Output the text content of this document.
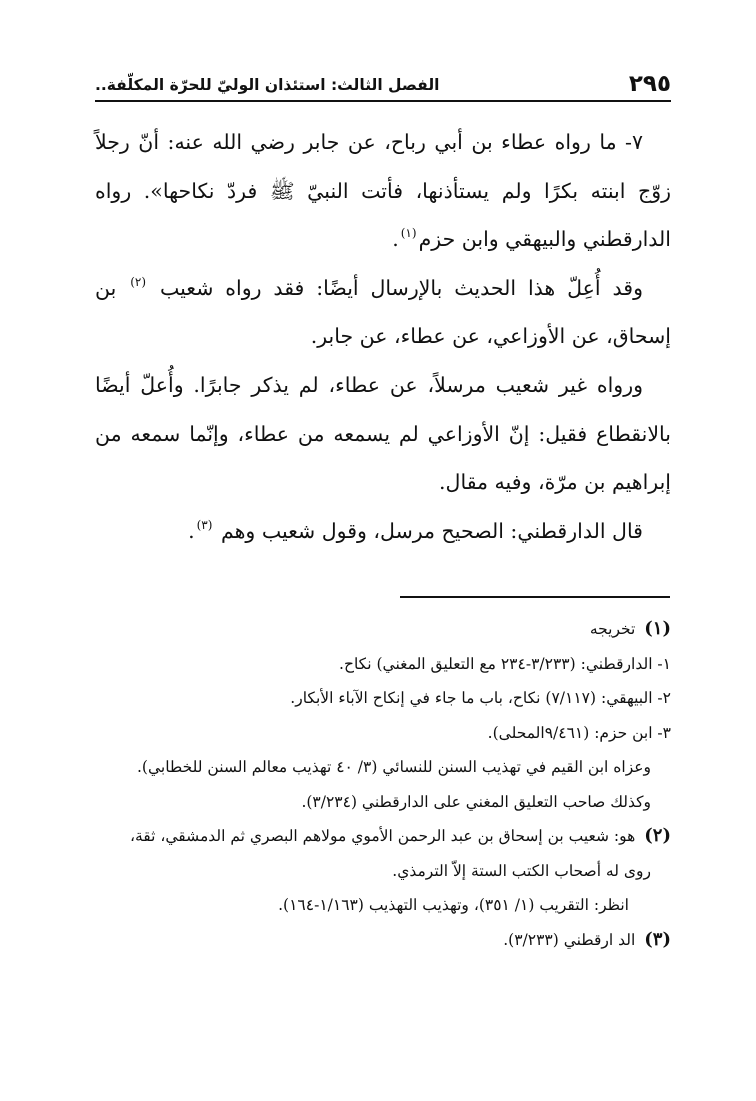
٢٩٥
الفصل الثالث: استئذان الوليّ للحرّة المكلّفة..

٧- ما رواه عطاء بن أبي رباح، عن جابر رضي الله عنه: أنّ رجلاً زوّج ابنته بكرًا ولم يستأذنها، فأتت النبيّ ﷺ فردّ نكاحها». رواه الدارقطني والبيهقي وابن حزم$^{(١)}$.

وقد أُعِلّ هذا الحديث بالإرسال أيضًا: فقد رواه شعيب $^{(٢)}$ بن إسحاق، عن الأوزاعي، عن عطاء، عن جابر.

ورواه غير شعيب مرسلاً، عن عطاء، لم يذكر جابرًا. وأُعلّ أيضًا بالانقطاع فقيل: إنّ الأوزاعي لم يسمعه من عطاء، وإنّما سمعه من إبراهيم بن مرّة، وفيه مقال.

قال الدارقطني: الصحيح مرسل، وقول شعيب وهم $^{(٣)}$.

(١) تخريجه

١- الدارقطني: (٣/٢٣٣-٢٣٤ مع التعليق المغني) نكاح.

٢- البيهقي: (٧/١١٧) نكاح، باب ما جاء في إنكاح الآباء الأبكار.

٣- ابن حزم: (٩/٤٦١المحلى).

وعزاه ابن القيم في تهذيب السنن للنسائي (٣/ ٤٠ تهذيب معالم السنن للخطابي).

وكذلك صاحب التعليق المغني على الدارقطني (٣/٢٣٤).

(٢) هو: شعيب بن إسحاق بن عبد الرحمن الأموي مولاهم البصري ثم الدمشقي، ثقة،

روى له أصحاب الكتب الستة إلاّ الترمذي.

انظر: التقريب (١/ ٣٥١)، وتهذيب التهذيب (١/١٦٣-١٦٤).

(٣) الد ارقطني (٣/٢٣٣).
